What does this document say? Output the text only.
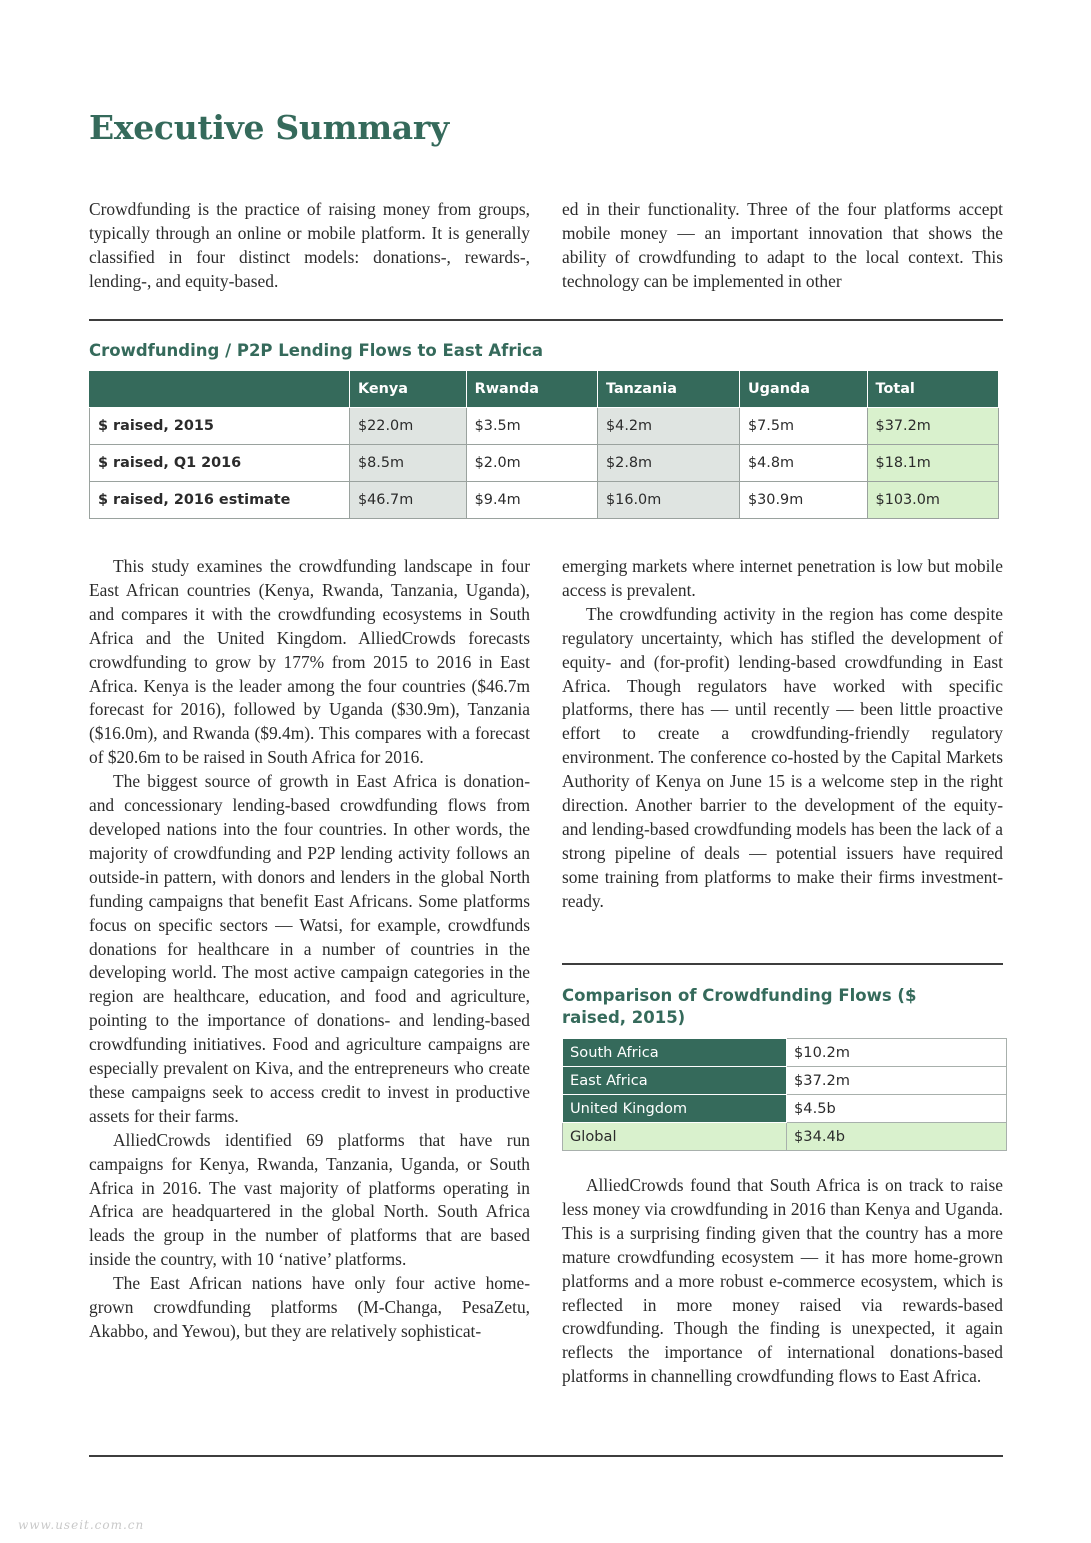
Executive Summary

Crowdfunding is the practice of raising money from groups, typically through an online or mobile platform. It is generally classified in four distinct models: donations-, rewards-, lending-, and equity-based.

ed in their functionality. Three of the four platforms accept mobile money — an important innovation that shows the ability of crowdfunding to adapt to the local context. This technology can be implemented in other

Crowdfunding / P2P Lending Flows to East Africa
	Kenya	Rwanda	Tanzania	Uganda	Total
$ raised, 2015	$22.0m	$3.5m	$4.2m	$7.5m	$37.2m
$ raised, Q1 2016	$8.5m	$2.0m	$2.8m	$4.8m	$18.1m
$ raised, 2016 estimate	$46.7m	$9.4m	$16.0m	$30.9m	$103.0m

This study examines the crowdfunding landscape in four East African countries (Kenya, Rwanda, Tanzania, Uganda), and compares it with the crowdfunding ecosystems in South Africa and the United Kingdom. AlliedCrowds forecasts crowdfunding to grow by 177% from 2015 to 2016 in East Africa. Kenya is the leader among the four countries ($46.7m forecast for 2016), followed by Uganda ($30.9m), Tanzania ($16.0m), and Rwanda ($9.4m). This compares with a forecast of $20.6m to be raised in South Africa for 2016.

The biggest source of growth in East Africa is donation- and concessionary lending-based crowdfunding flows from developed nations into the four countries. In other words, the majority of crowdfunding and P2P lending activity follows an outside-in pattern, with donors and lenders in the global North funding campaigns that benefit East Africans. Some platforms focus on specific sectors — Watsi, for example, crowdfunds donations for healthcare in a number of countries in the developing world. The most active campaign categories in the region are healthcare, education, and food and agriculture, pointing to the importance of donations- and lending-based crowdfunding initiatives. Food and agriculture campaigns are especially prevalent on Kiva, and the entrepreneurs who create these campaigns seek to access credit to invest in productive assets for their farms.

AlliedCrowds identified 69 platforms that have run campaigns for Kenya, Rwanda, Tanzania, Uganda, or South Africa in 2016. The vast majority of platforms operating in Africa are headquartered in the global North. South Africa leads the group in the number of platforms that are based inside the country, with 10 ‘native’ platforms.

The East African nations have only four active home-grown crowdfunding platforms (M-Changa, PesaZetu, Akabbo, and Yewou), but they are relatively sophisticat-

emerging markets where internet penetration is low but mobile access is prevalent.

The crowdfunding activity in the region has come despite regulatory uncertainty, which has stifled the development of equity- and (for-profit) lending-based crowdfunding in East Africa. Though regulators have worked with specific platforms, there has — until recently — been little proactive effort to create a crowdfunding-friendly regulatory environment. The conference co-hosted by the Capital Markets Authority of Kenya on June 15 is a welcome step in the right direction. Another barrier to the development of the equity- and lending-based crowdfunding models has been the lack of a strong pipeline of deals — potential issuers have required some training from platforms to make their firms investment-ready.

Comparison of Crowdfunding Flows ($ raised, 2015)
South Africa	$10.2m
East Africa	$37.2m
United Kingdom	$4.5b
Global	$34.4b

AlliedCrowds found that South Africa is on track to raise less money via crowdfunding in 2016 than Kenya and Uganda. This is a surprising finding given that the country has a more mature crowdfunding ecosystem — it has more home-grown platforms and a more robust e-commerce ecosystem, which is reflected in more money raised via rewards-based crowdfunding. Though the finding is unexpected, it again reflects the importance of international donations-based platforms in channelling crowdfunding flows to East Africa.

www.useit.com.cn
